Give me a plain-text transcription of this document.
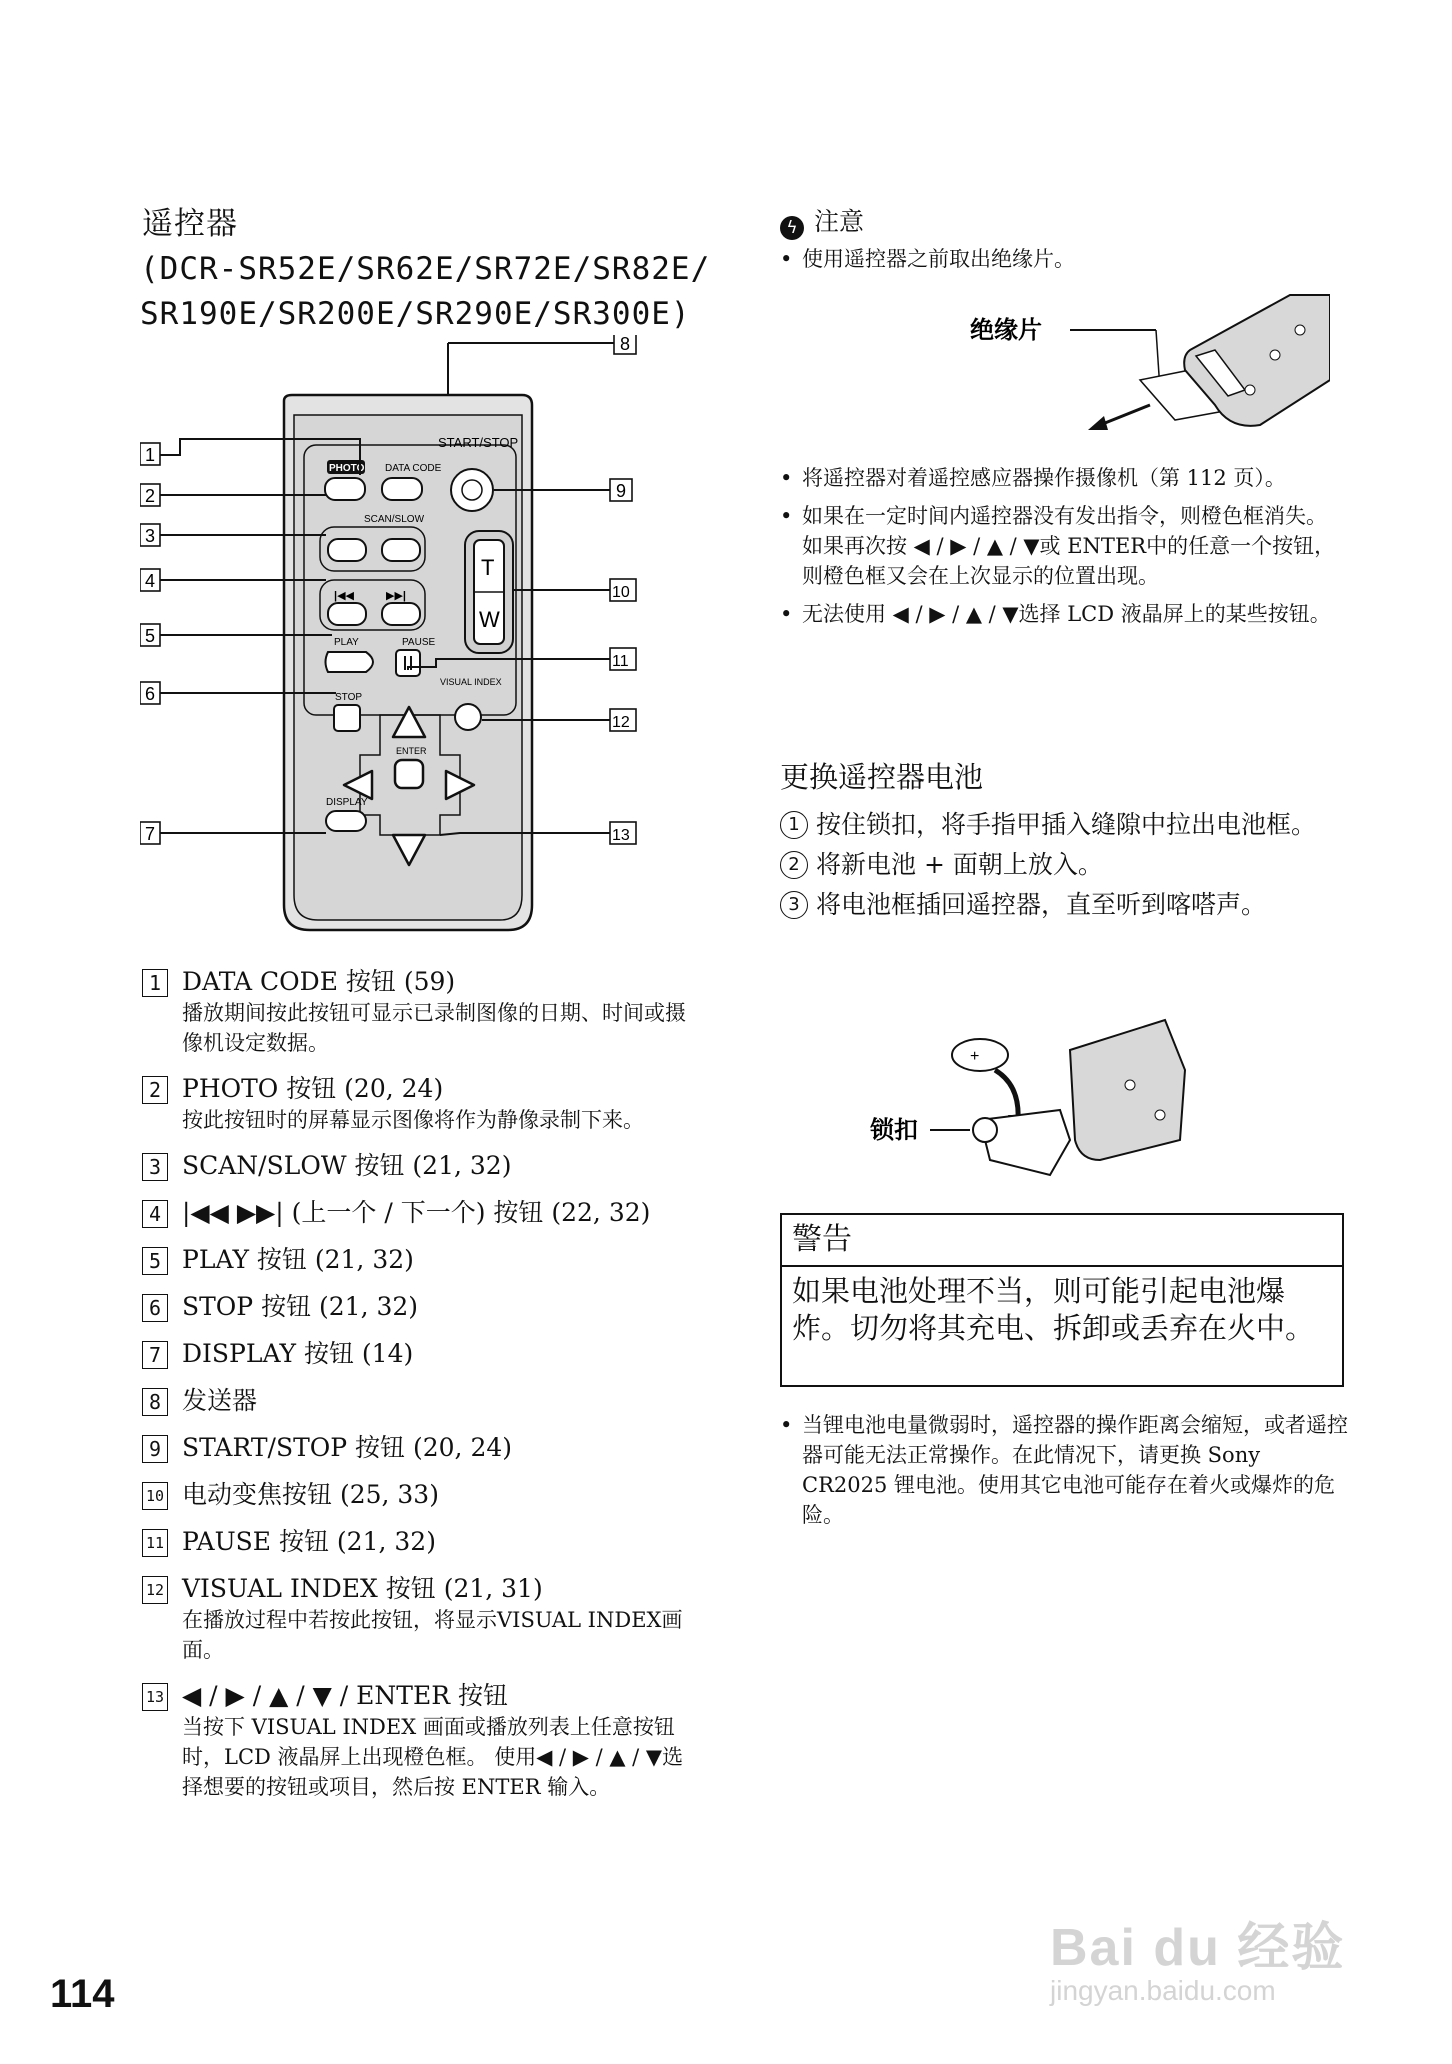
遥控器
(DCR-SR52E/SR62E/SR72E/SR82E/
SR190E/SR200E/SR290E/SR300E)
START/STOP
PHOTO DATA CODE
SCAN/SLOW
|◀◀	▶▶|
T
W
PLAY	PAUSE
STOP
VISUAL INDEX
ENTER
DISPLAY
1
2
3
4
5
6
7
8
9
10
11
12
13
1 DATA CODE 按钮 (59)
播放期间按此按钮可显示已录制图像的日期、时间或摄像机设定数据。
2 PHOTO 按钮 (20, 24)
按此按钮时的屏幕显示图像将作为静像录制下来。
3 SCAN/SLOW 按钮 (21, 32)
4 |◀◀ ▶▶| (上一个 / 下一个) 按钮 (22, 32)
5 PLAY 按钮 (21, 32)
6 STOP 按钮 (21, 32)
7 DISPLAY 按钮 (14)
8 发送器
9 START/STOP 按钮 (20, 24)
10 电动变焦按钮 (25, 33)
11 PAUSE 按钮 (21, 32)
12 VISUAL INDEX 按钮 (21, 31)
在播放过程中若按此按钮，将显示VISUAL INDEX画面。
13 ◀ / ▶ / ▲ / ▼ / ENTER 按钮
当按下 VISUAL INDEX 画面或播放列表上任意按钮时，LCD 液晶屏上出现橙色框。 使用◀ / ▶ / ▲ / ▼选择想要的按钮或项目，然后按 ENTER 输入。
ϟ 注意
• 使用遥控器之前取出绝缘片。
绝缘片
• 将遥控器对着遥控感应器操作摄像机（第 112 页）。
• 如果在一定时间内遥控器没有发出指令，则橙色框消失。 如果再次按 ◀ / ▶ / ▲ / ▼或 ENTER中的任意一个按钮，则橙色框又会在上次显示的位置出现。
• 无法使用 ◀ / ▶ / ▲ / ▼选择 LCD 液晶屏上的某些按钮。
更换遥控器电池
1 按住锁扣，将手指甲插入缝隙中拉出电池框。
2 将新电池 + 面朝上放入。
3 将电池框插回遥控器，直至听到喀嗒声。
锁扣
+
警告
如果电池处理不当，则可能引起电池爆炸。切勿将其充电、拆卸或丢弃在火中。
• 当锂电池电量微弱时，遥控器的操作距离会缩短，或者遥控器可能无法正常操作。在此情况下，请更换 Sony CR2025 锂电池。使用其它电池可能存在着火或爆炸的危险。
114
Bai du 经验
jingyan.baidu.com
